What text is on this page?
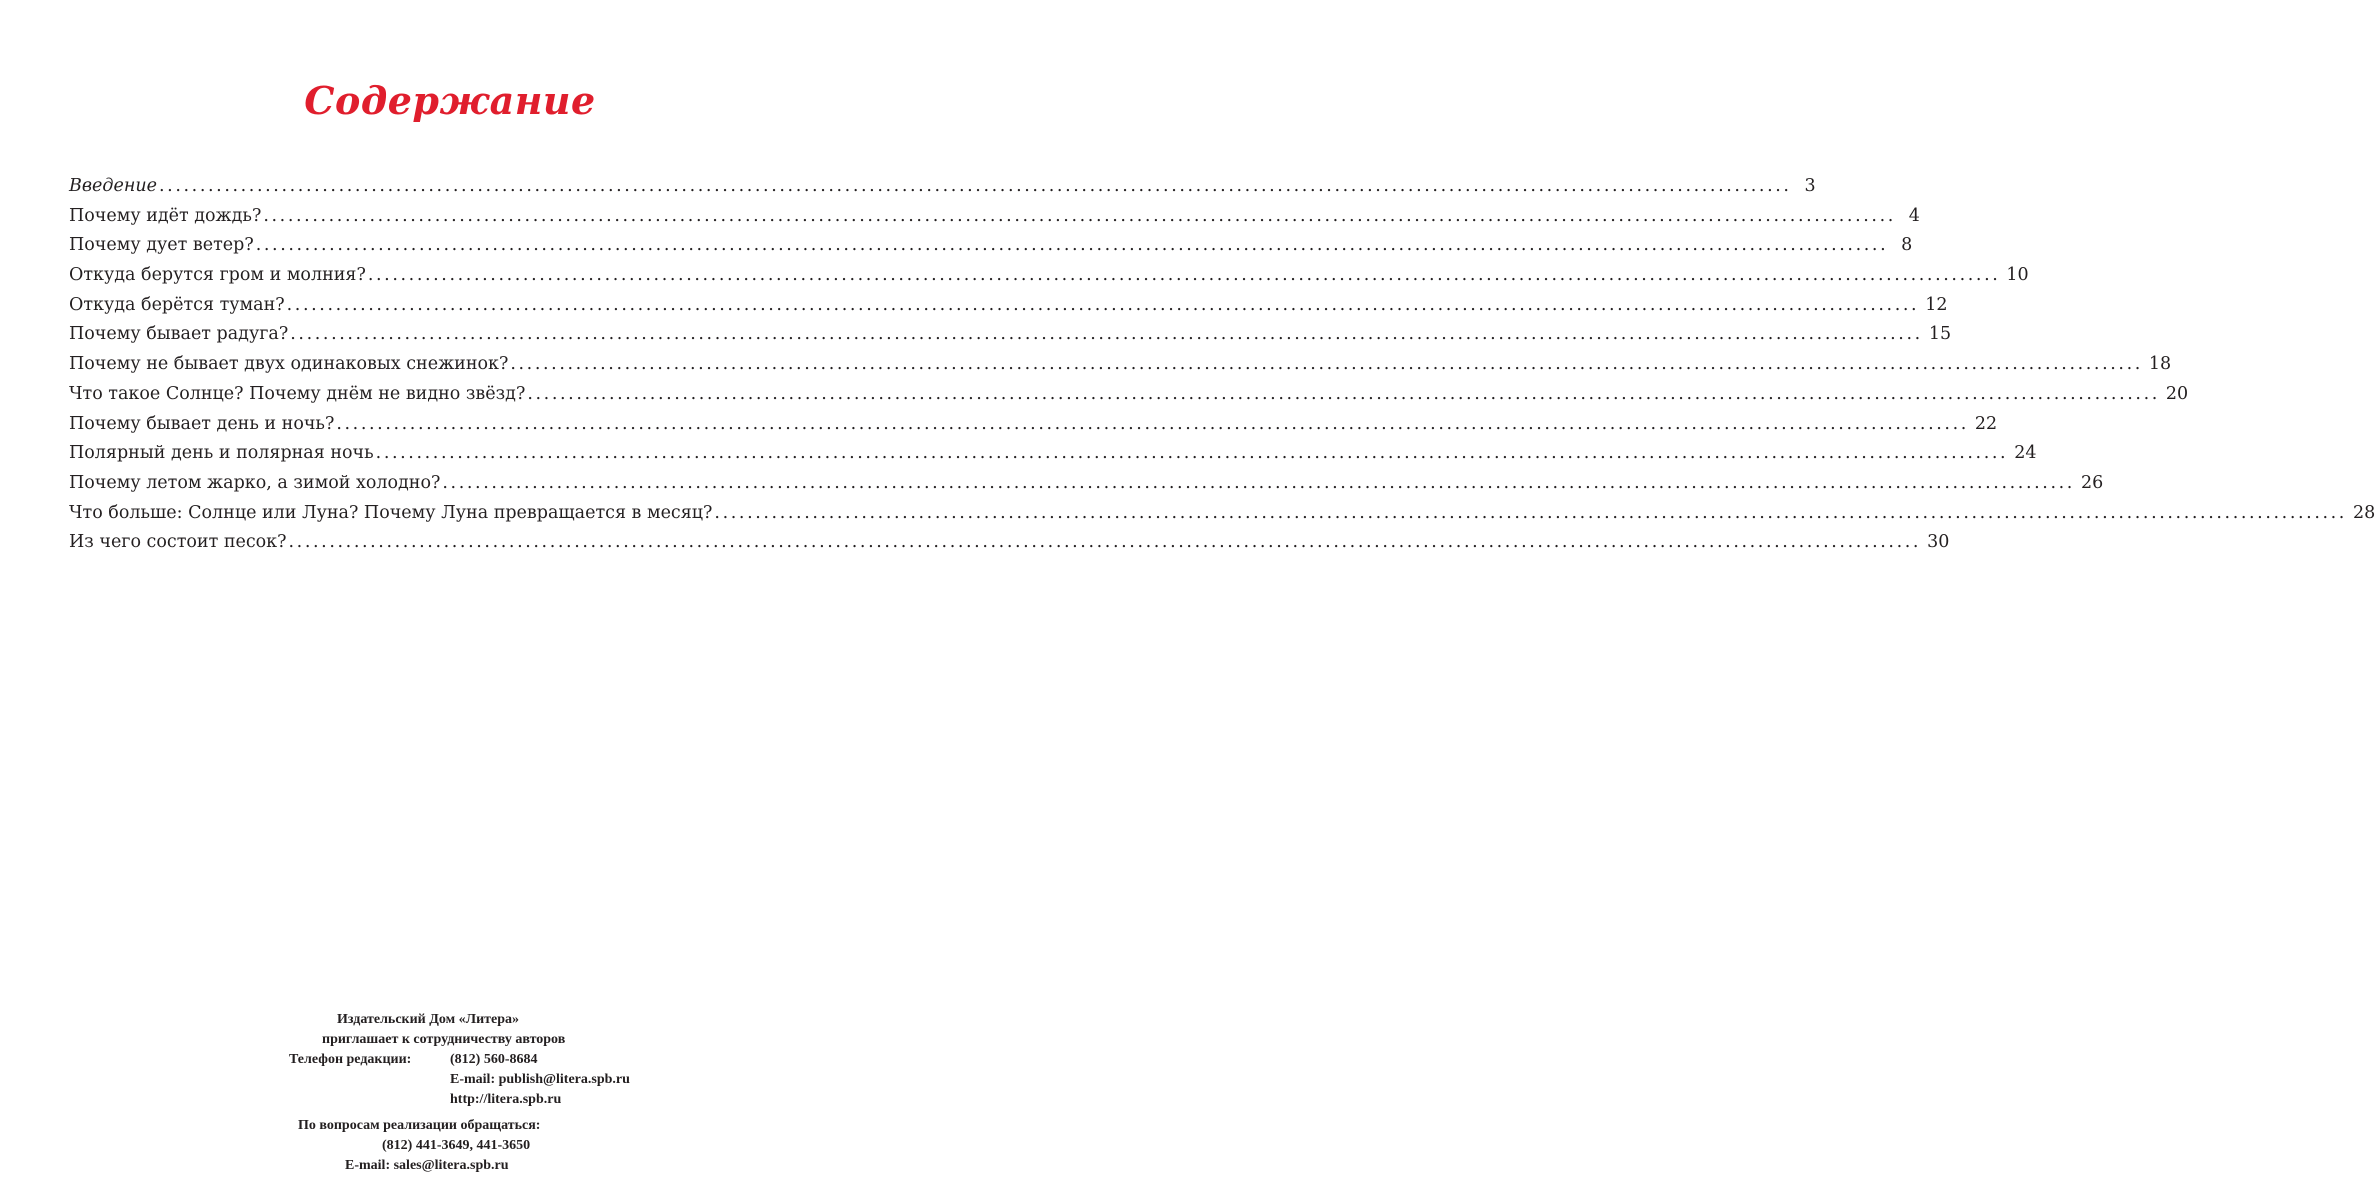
Содержание
Введение ........................................................................................................................................................................................................ 3
Почему идёт дождь? ........................................................................................................................................................................................................ 4
Почему дует ветер? ........................................................................................................................................................................................................ 8
Откуда берутся гром и молния? ........................................................................................................................................................................................................ 10
Откуда берётся туман? ........................................................................................................................................................................................................ 12
Почему бывает радуга? ........................................................................................................................................................................................................ 15
Почему не бывает двух одинаковых снежинок? ........................................................................................................................................................................................................ 18
Что такое Солнце? Почему днём не видно звёзд? ........................................................................................................................................................................................................ 20
Почему бывает день и ночь? ........................................................................................................................................................................................................ 22
Полярный день и полярная ночь ........................................................................................................................................................................................................ 24
Почему летом жарко, а зимой холодно? ........................................................................................................................................................................................................ 26
Что больше: Солнце или Луна? Почему Луна превращается в месяц? ........................................................................................................................................................................................................ 28
Из чего состоит песок? ........................................................................................................................................................................................................ 30
Издательский Дом «Литера»
приглашает к сотрудничеству авторов
Телефон редакции:	(812) 560-8684
E-mail: publish@litera.spb.ru
http://litera.spb.ru
По вопросам реализации обращаться:
(812) 441-3649, 441-3650
E-mail: sales@litera.spb.ru
